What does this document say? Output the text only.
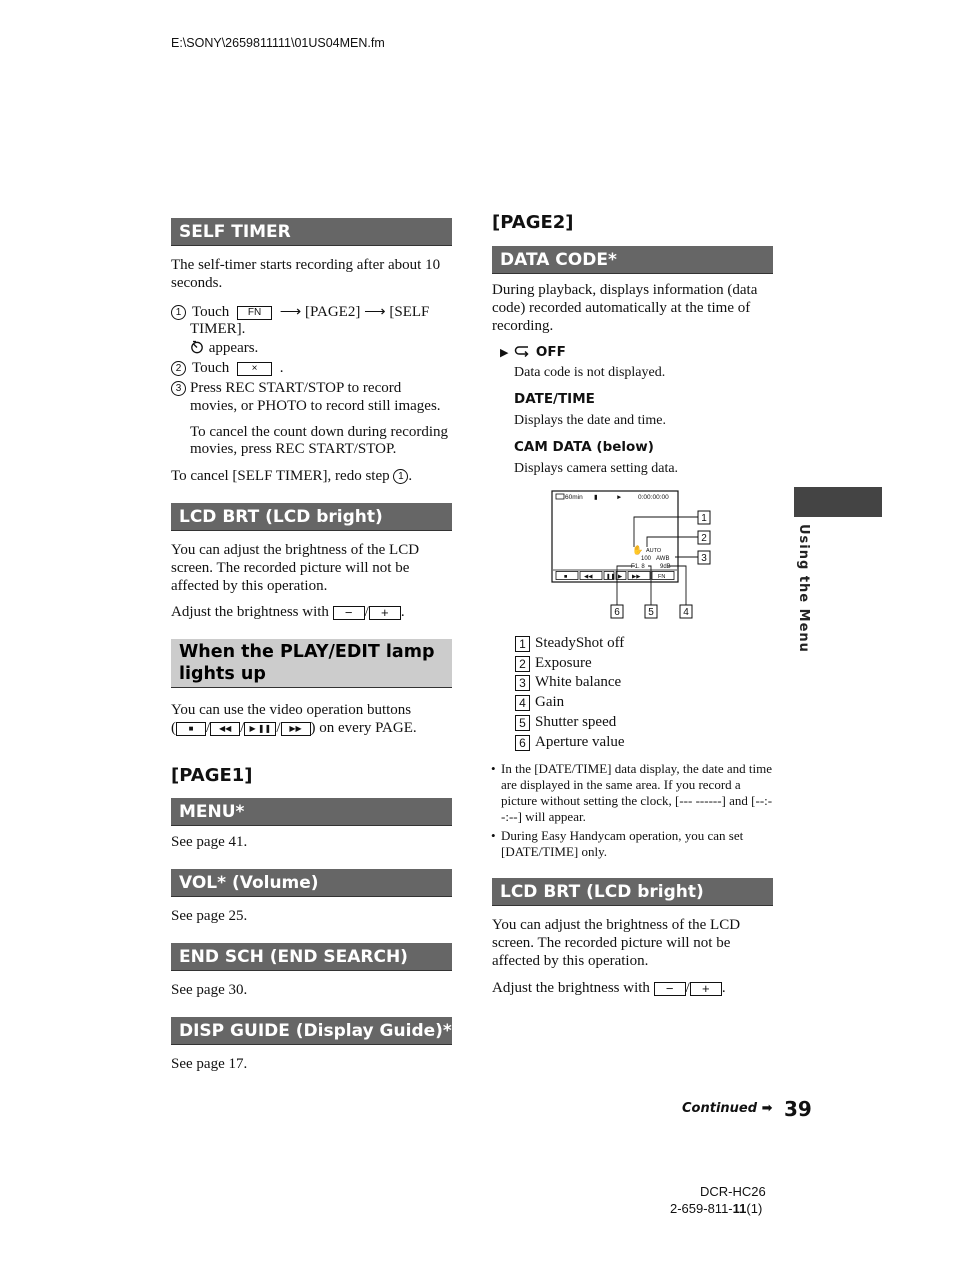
E:\SONY\2659811111\01US04MEN.fm
SELF TIMER
The self-timer starts recording after about 10 seconds.
1 Touch FN ⟶ [PAGE2] ⟶ [SELF
TIMER].
appears.
2 Touch × .
3 Press REC START/STOP to record movies, or PHOTO to record still images.
To cancel the count down during recording movies, press REC START/STOP.
To cancel [SELF TIMER], redo step 1 .
LCD BRT (LCD bright)
You can adjust the brightness of the LCD screen. The recorded picture will not be affected by this operation.
Adjust the brightness with − / + .
When the PLAY/EDIT lamp lights up
You can use the video operation buttons
( ■ / ◀◀ / ▶ ❚❚ / ▶▶ ) on every PAGE.
[PAGE1]
MENU*
See page 41.
VOL* (Volume)
See page 25.
END SCH (END SEARCH)
See page 30.
DISP GUIDE (Display Guide)*
See page 17.
[PAGE2]
DATA CODE*
During playback, displays information (data code) recorded automatically at the time of recording.
▶ OFF
Data code is not displayed.
DATE/TIME
Displays the date and time.
CAM DATA (below)
Displays camera setting data.
60min ▮	► 0:00:00:00
✋ AUTO
100 AWB
F1. 8	9dB
■	◀◀ ❚❚ ▶ ▶▶	FN
1
2
3
6	5	4
1 SteadyShot off
2 Exposure
3 White balance
4 Gain
5 Shutter speed
6 Aperture value
• In the [DATE/TIME] data display, the date and time are displayed in the same area. If you record a picture without setting the clock, [--- ------] and [--:--:--] will appear.
• During Easy Handycam operation, you can set [DATE/TIME] only.
LCD BRT (LCD bright)
You can adjust the brightness of the LCD screen. The recorded picture will not be affected by this operation.
Adjust the brightness with − / + .
Using the Menu
Continued ➡ 39
DCR-HC26
2-659-811-11(1)
